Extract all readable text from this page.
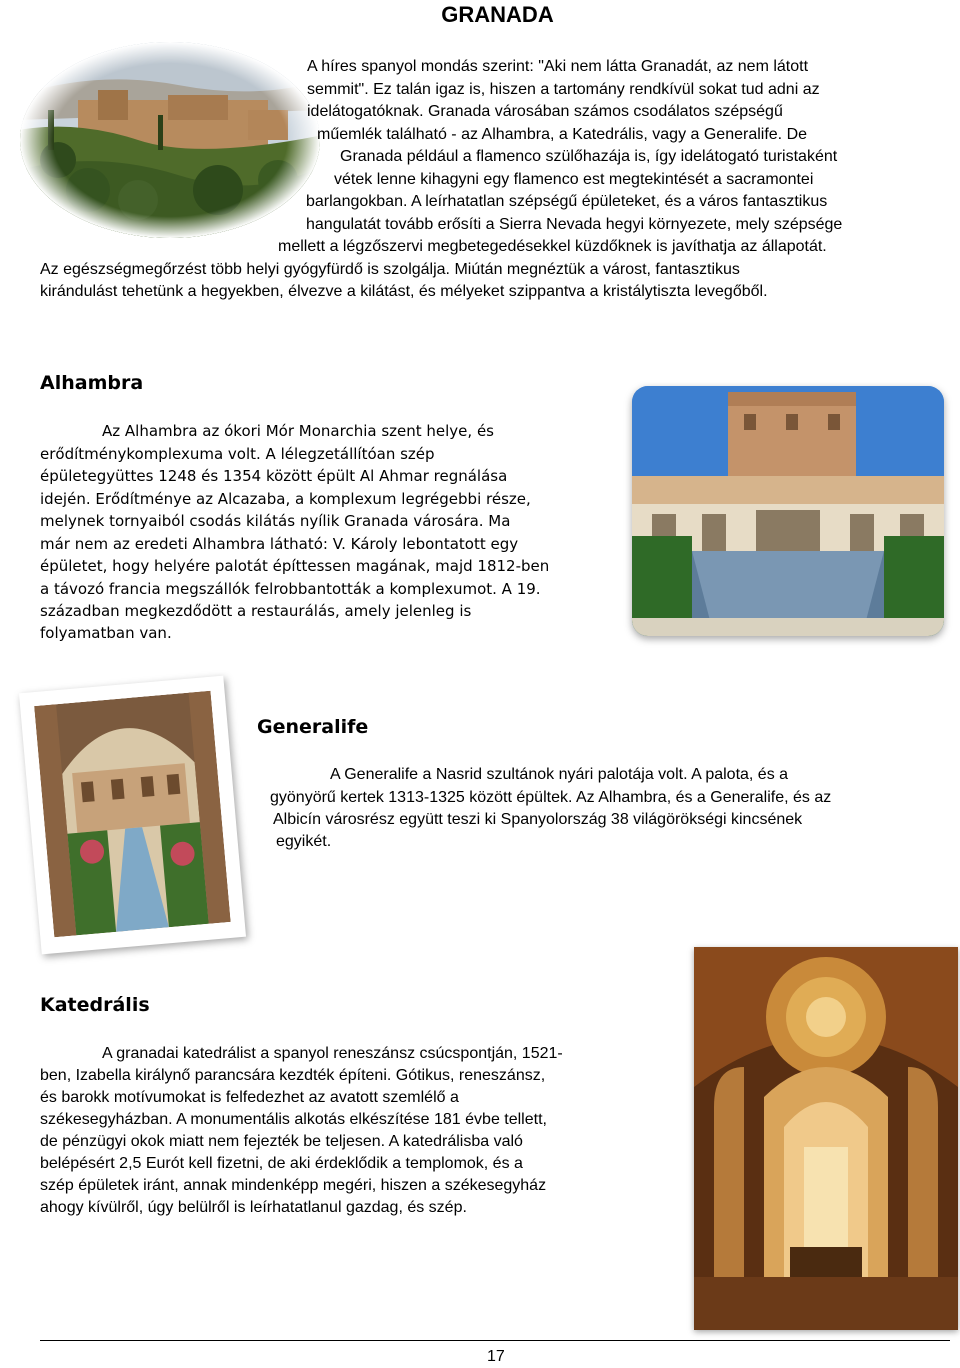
GRANADA
A híres spanyol mondás szerint: "Aki nem látta Granadát, az nem látott
semmit". Ez talán igaz is, hiszen a tartomány rendkívül sokat tud adni az
idelátogatóknak. Granada városában számos csodálatos szépségű
műemlék található - az Alhambra, a Katedrális, vagy a Generalife. De
Granada például a flamenco szülőhazája is, így idelátogató turistaként
vétek lenne kihagyni egy flamenco est megtekintését a sacramontei
barlangokban. A leírhatatlan szépségű épületeket, és a város fantasztikus
hangulatát tovább erősíti a Sierra Nevada hegyi környezete, mely szépsége
mellett a légzőszervi megbetegedésekkel küzdőknek is javíthatja az állapotát.
Az egészségmegőrzést több helyi gyógyfürdő is szolgálja. Miútán megnéztük a várost, fantasztikus
kirándulást tehetünk a hegyekben, élvezve a kilátást, és mélyeket szippantva a kristálytiszta levegőből.
Alhambra
Az Alhambra az ókori Mór Monarchia szent helye, és
erődítménykomplexuma volt. A lélegzetállítóan szép
épületegyüttes 1248 és 1354 között épült Al Ahmar regnálása
idején. Erődítménye az Alcazaba, a komplexum legrégebbi része,
melynek tornyaiból csodás kilátás nyílik Granada városára. Ma
már nem az eredeti Alhambra látható: V. Károly lebontatott egy
épületet, hogy helyére palotát építtessen magának, majd 1812-ben
a távozó francia megszállók felrobbantották a komplexumot. A 19.
században megkezdődött a restaurálás, amely jelenleg is
folyamatban van.
Generalife
A Generalife a Nasrid szultánok nyári palotája volt. A palota, és a
gyönyörű kertek 1313-1325 között épültek. Az Alhambra, és a Generalife, és az
Albicín városrész együtt teszi ki Spanyolország 38 világörökségi kincsének
egyikét.
Katedrális
A granadai katedrálist a spanyol reneszánsz csúcspontján, 1521-
ben, Izabella királynő parancsára kezdték építeni. Gótikus, reneszánsz,
és barokk motívumokat is felfedezhet az avatott szemlélő a
székesegyházban. A monumentális alkotás elkészítése 181 évbe tellett,
de pénzügyi okok miatt nem fejezték be teljesen. A katedrálisba való
belépésért 2,5 Eurót kell fizetni, de aki érdeklődik a templomok, és a
szép épületek iránt, annak mindenképp megéri, hiszen a székesegyház
ahogy kívülről, úgy belülről is leírhatatlanul gazdag, és szép.
17
